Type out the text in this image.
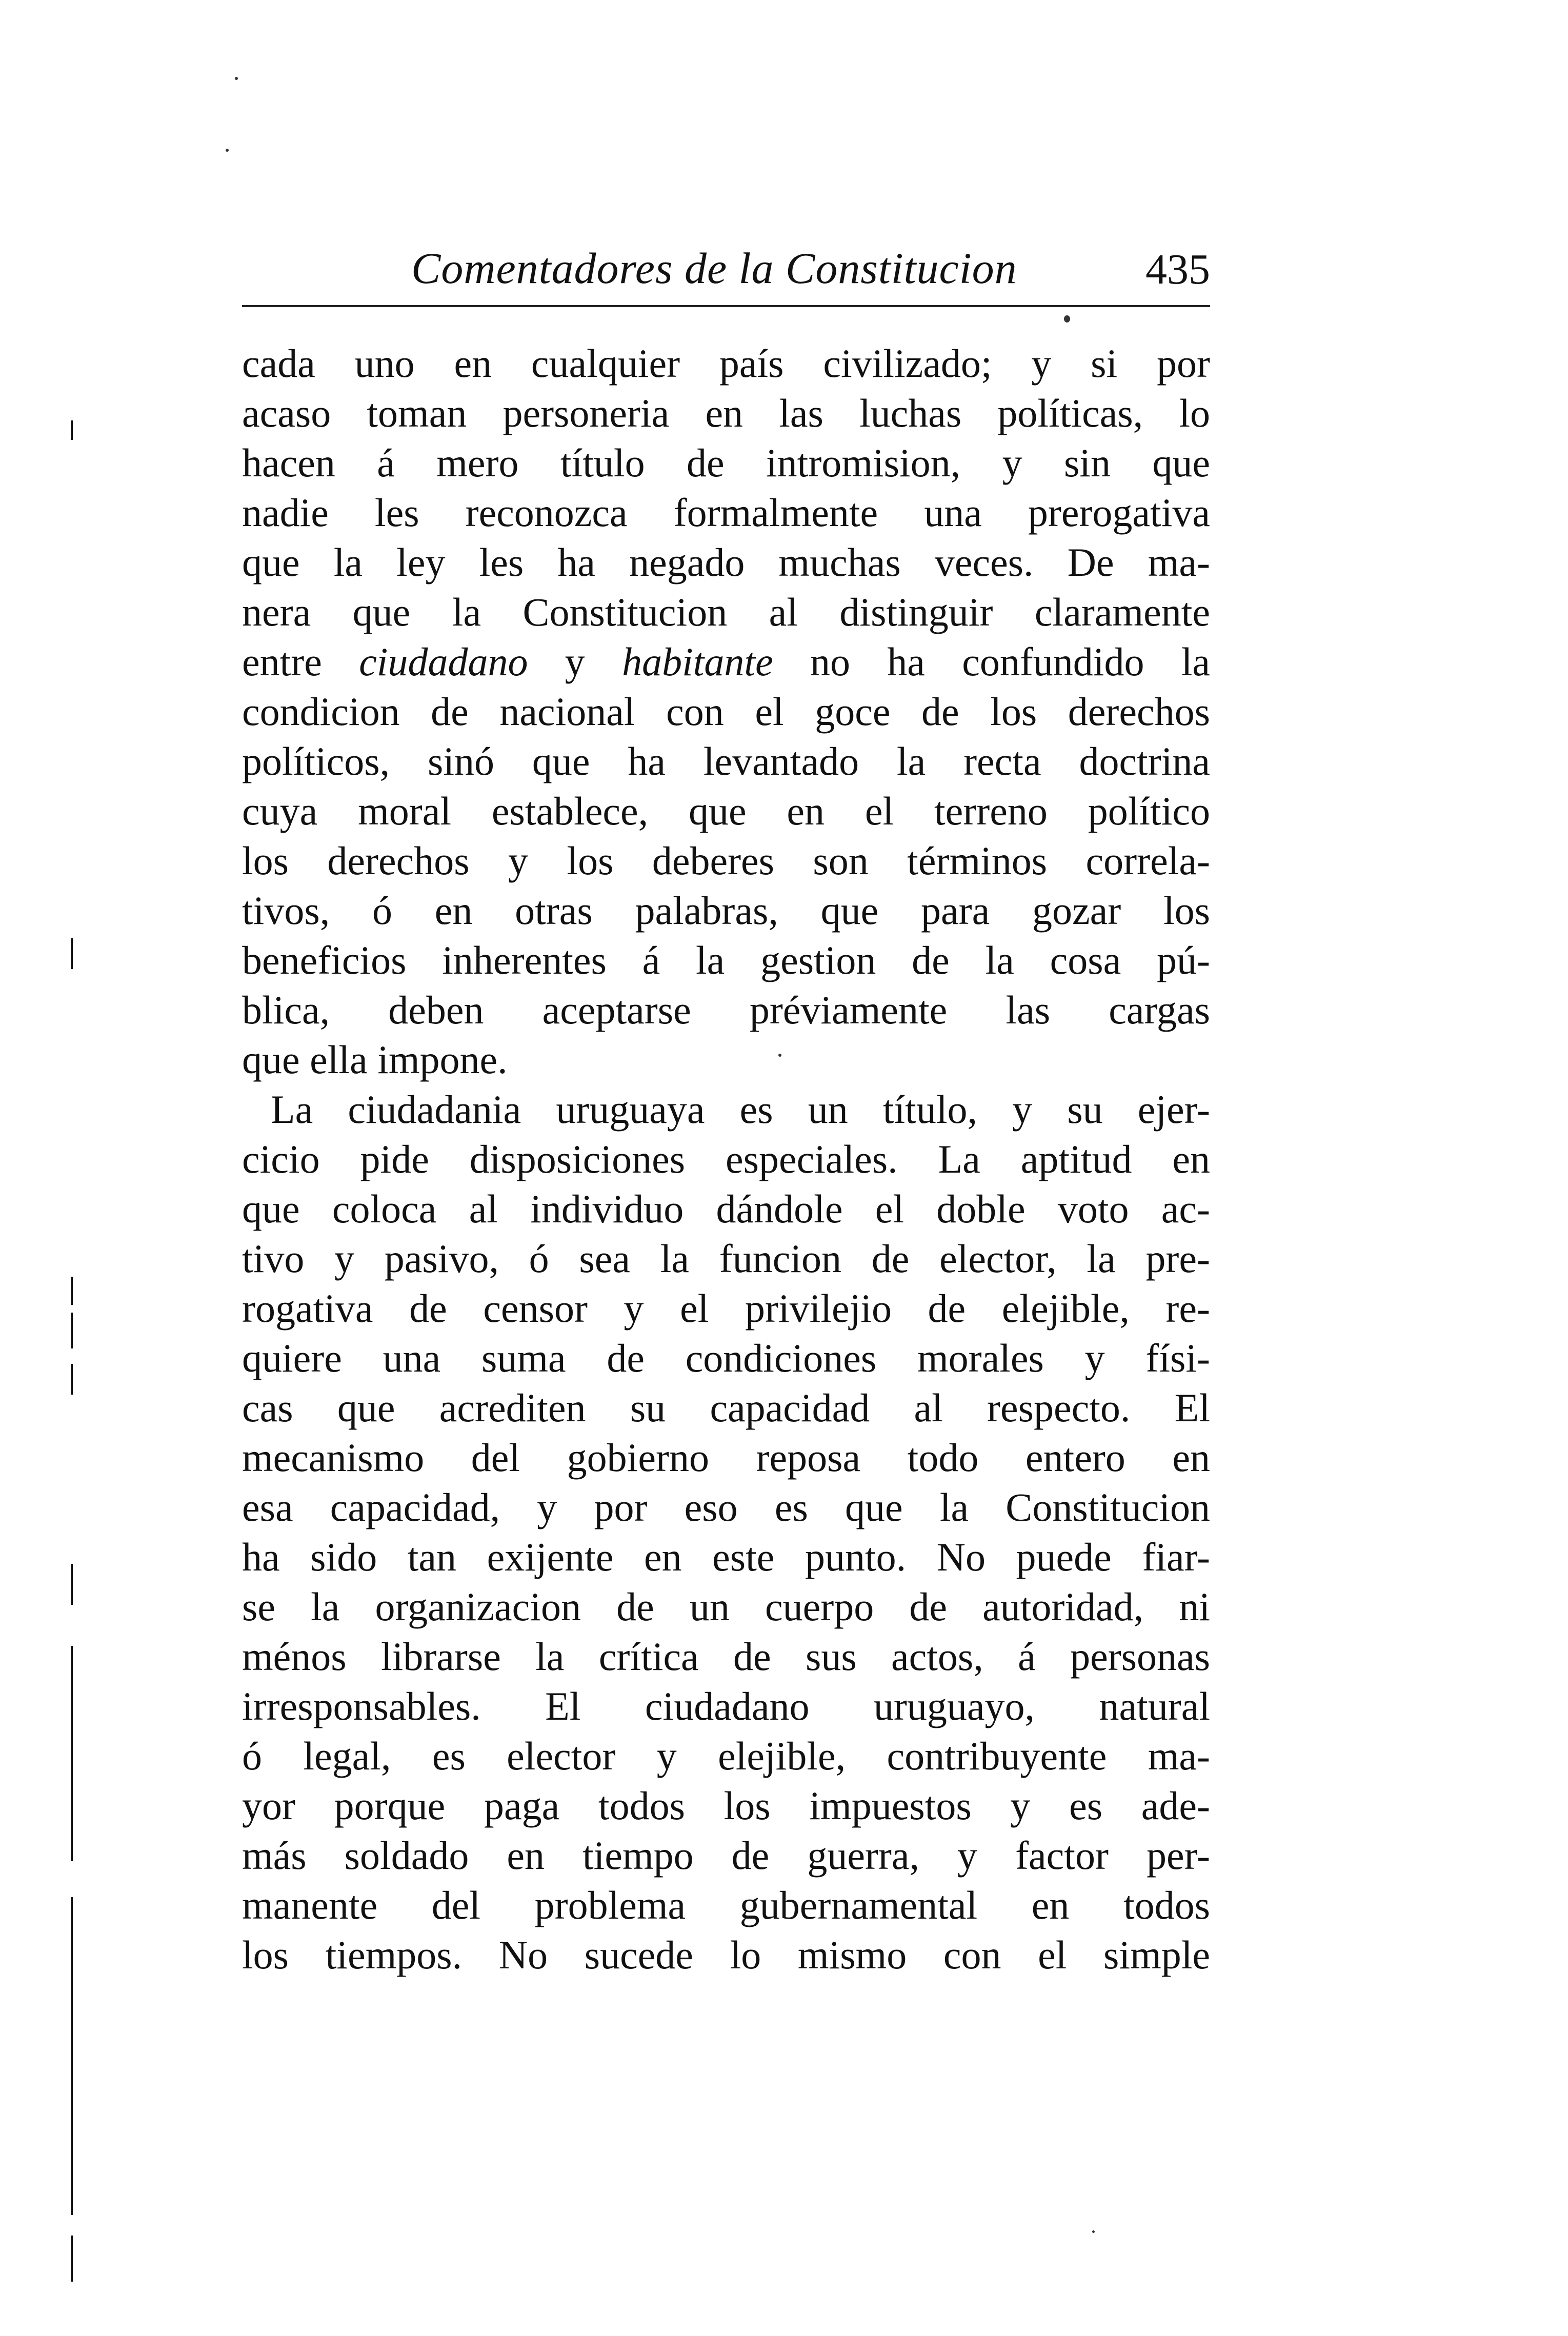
Comentadores de la Constitucion	435
cada uno en cualquier país civilizado; y si por
acaso toman personeria en las luchas políticas, lo
hacen á mero título de intromision, y sin que
nadie les reconozca formalmente una prerogativa
que la ley les ha negado muchas veces. De ma-
nera que la Constitucion al distinguir claramente
entre ciudadano y habitante no ha confundido la
condicion de nacional con el goce de los derechos
políticos, sinó que ha levantado la recta doctrina
cuya moral establece, que en el terreno político
los derechos y los deberes son términos correla-
tivos, ó en otras palabras, que para gozar los
beneficios inherentes á la gestion de la cosa pú-
blica, deben aceptarse préviamente las cargas
que ella impone.
La ciudadania uruguaya es un título, y su ejer-
cicio pide disposiciones especiales. La aptitud en
que coloca al individuo dándole el doble voto ac-
tivo y pasivo, ó sea la funcion de elector, la pre-
rogativa de censor y el privilejio de elejible, re-
quiere una suma de condiciones morales y físi-
cas que acrediten su capacidad al respecto. El
mecanismo del gobierno reposa todo entero en
esa capacidad, y por eso es que la Constitucion
ha sido tan exijente en este punto. No puede fiar-
se la organizacion de un cuerpo de autoridad, ni
ménos librarse la crítica de sus actos, á personas
irresponsables. El ciudadano uruguayo, natural
ó legal, es elector y elejible, contribuyente ma-
yor porque paga todos los impuestos y es ade-
más soldado en tiempo de guerra, y factor per-
manente del problema gubernamental en todos
los tiempos. No sucede lo mismo con el simple
